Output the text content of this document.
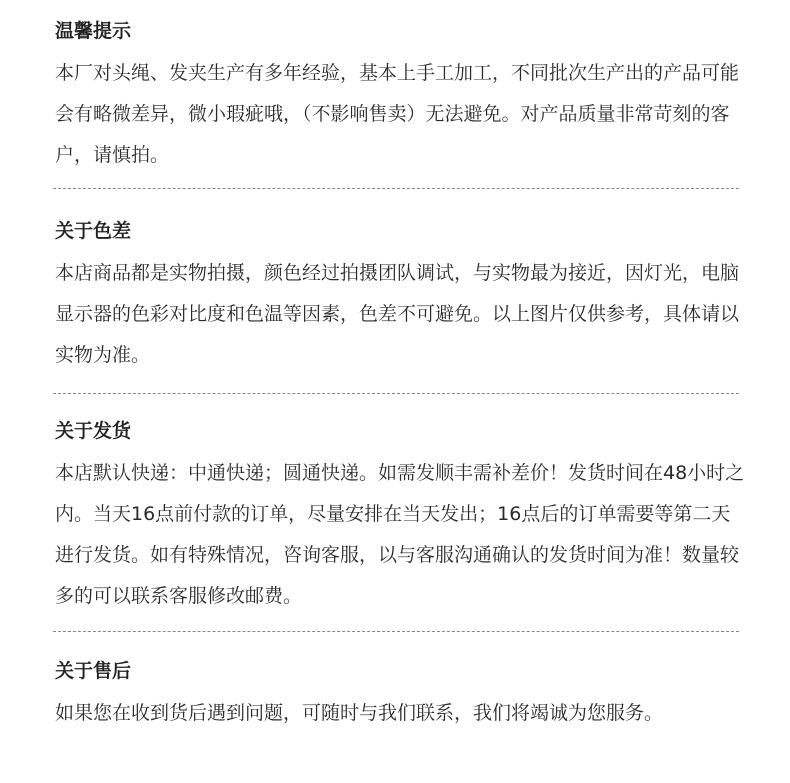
温馨提示

本厂对头绳、发夹生产有多年经验，基本上手工加工，不同批次生产出的产品可能会有略微差异，微小瑕疵哦，（不影响售卖）无法避免。对产品质量非常苛刻的客户，请慎拍。

关于色差

本店商品都是实物拍摄，颜色经过拍摄团队调试，与实物最为接近，因灯光，电脑显示器的色彩对比度和色温等因素，色差不可避免。以上图片仅供参考，具体请以实物为准。

关于发货

本店默认快递：中通快递；圆通快递。如需发顺丰需补差价！发货时间在48小时之内。当天16点前付款的订单，尽量安排在当天发出；16点后的订单需要等第二天进行发货。如有特殊情况，咨询客服，以与客服沟通确认的发货时间为准！数量较多的可以联系客服修改邮费。

关于售后

如果您在收到货后遇到问题，可随时与我们联系，我们将竭诚为您服务。
